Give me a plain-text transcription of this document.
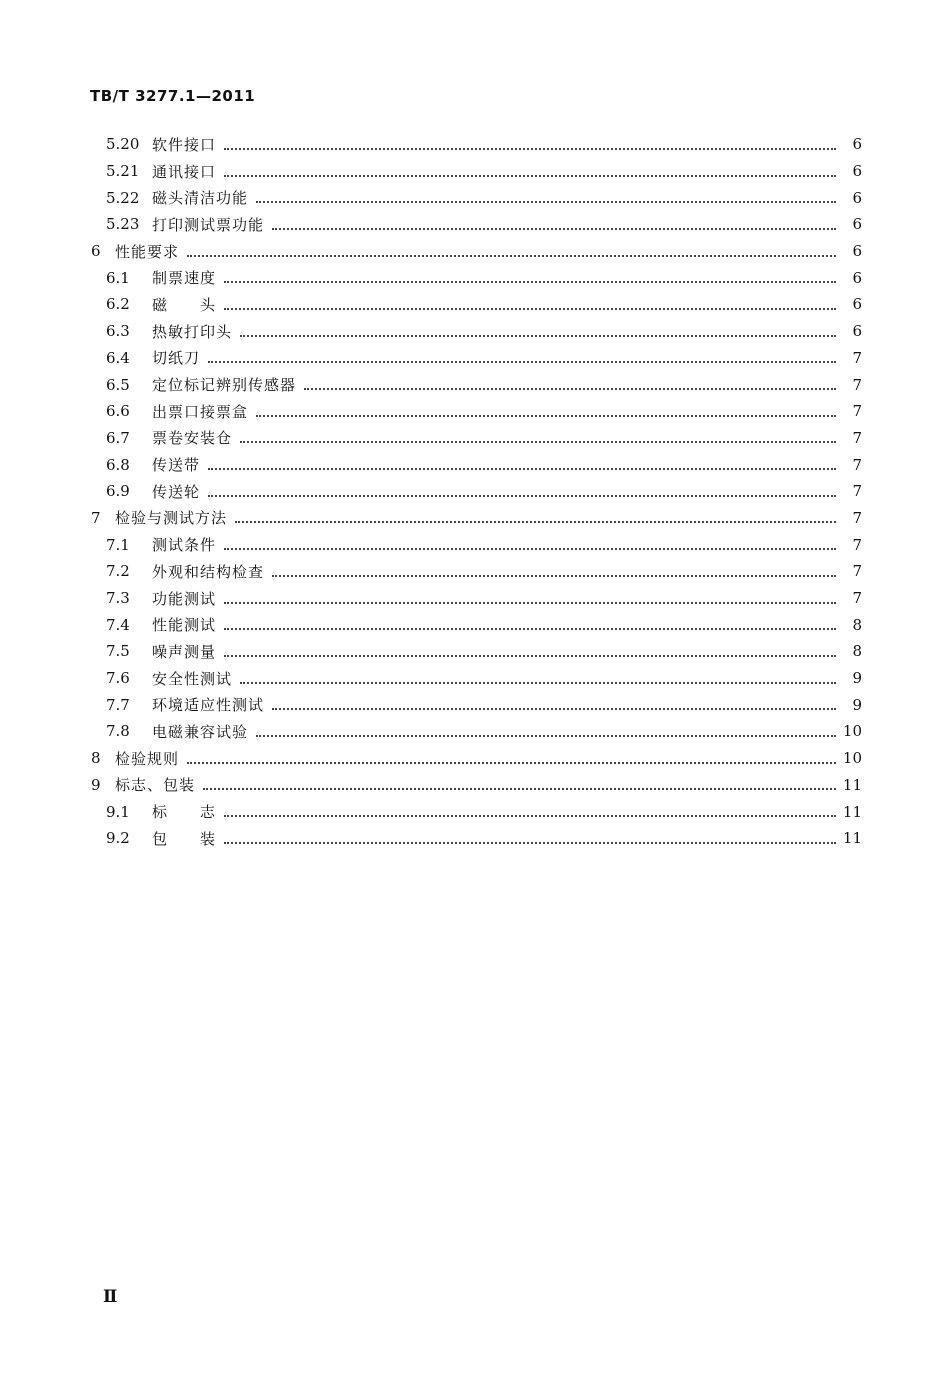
TB/T 3277.1—2011
5.20 软件接口	6
5.21 通讯接口	6
5.22 磁头清洁功能	6
5.23 打印测试票功能	6
6 性能要求	6
6.1	制票速度	6
6.2	磁　　头	6
6.3	热敏打印头	6
6.4	切纸刀	7
6.5	定位标记辨别传感器	7
6.6	出票口接票盒	7
6.7	票卷安装仓	7
6.8	传送带	7
6.9	传送轮	7
7 检验与测试方法	7
7.1	测试条件	7
7.2	外观和结构检查	7
7.3	功能测试	7
7.4	性能测试	8
7.5	噪声测量	8
7.6	安全性测试	9
7.7	环境适应性测试	9
7.8	电磁兼容试验	10
8 检验规则	10
9 标志、包装	11
9.1	标　　志	11
9.2	包　　装	11
Ⅱ
